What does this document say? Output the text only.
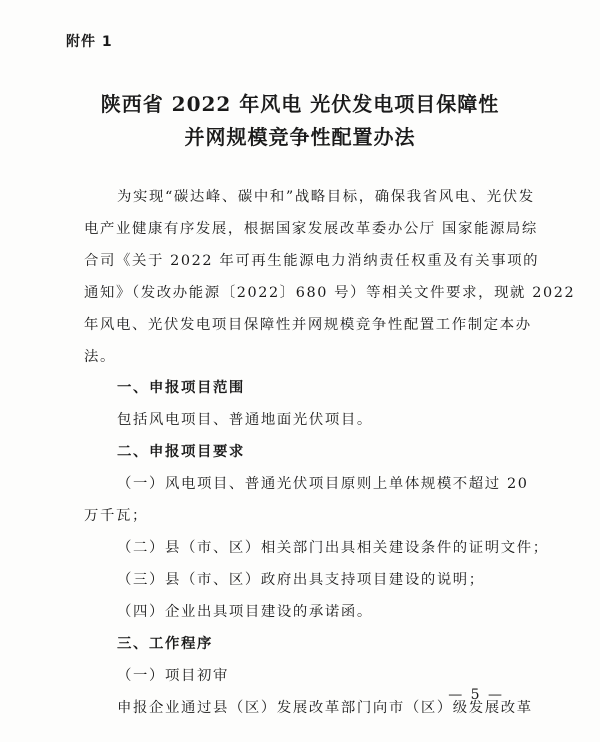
附件 1
陕西省 2022 年风电 光伏发电项目保障性
并网规模竞争性配置办法
为实现“碳达峰、碳中和”战略目标，确保我省风电、光伏发
电产业健康有序发展，根据国家发展改革委办公厅 国家能源局综
合司《关于 2022 年可再生能源电力消纳责任权重及有关事项的
通知》（发改办能源〔2022〕680 号）等相关文件要求，现就 2022
年风电、光伏发电项目保障性并网规模竞争性配置工作制定本办
法。
一、申报项目范围
包括风电项目、普通地面光伏项目。
二、申报项目要求
（一）风电项目、普通光伏项目原则上单体规模不超过 20
万千瓦；
（二）县（市、区）相关部门出具相关建设条件的证明文件；
（三）县（市、区）政府出具支持项目建设的说明；
（四）企业出具项目建设的承诺函。
三、工作程序
（一）项目初审
申报企业通过县（区）发展改革部门向市（区）级发展改革
— 5 —
